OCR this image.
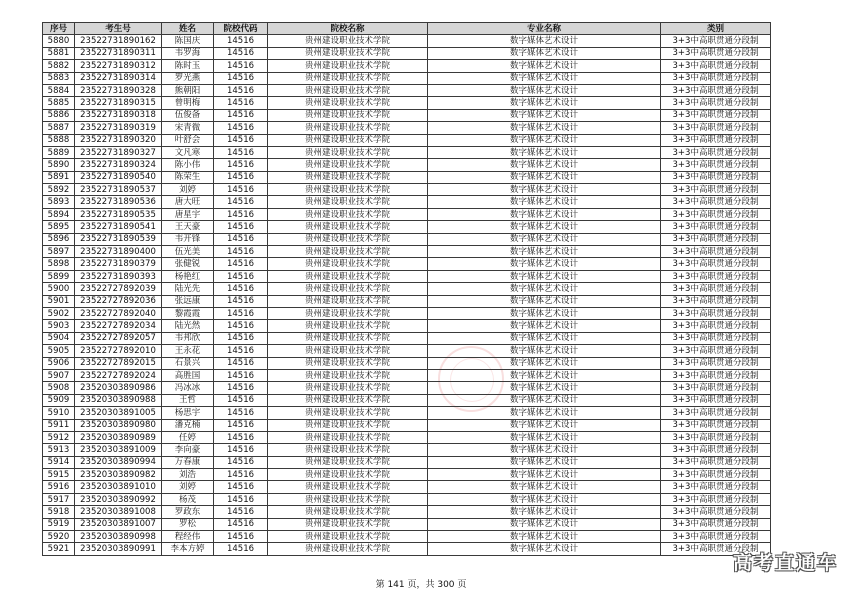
序号	考生号	姓名	院校代码	院校名称	专业名称	类别
5880	23522731890162	陈国庆	14516	贵州建设职业技术学院	数字媒体艺术设计	3+3中高职贯通分段制
5881	23522731890311	韦罗海	14516	贵州建设职业技术学院	数字媒体艺术设计	3+3中高职贯通分段制
5882	23522731890312	陈时玉	14516	贵州建设职业技术学院	数字媒体艺术设计	3+3中高职贯通分段制
5883	23522731890314	罗光燕	14516	贵州建设职业技术学院	数字媒体艺术设计	3+3中高职贯通分段制
5884	23522731890328	熊朝阳	14516	贵州建设职业技术学院	数字媒体艺术设计	3+3中高职贯通分段制
5885	23522731890315	曾明梅	14516	贵州建设职业技术学院	数字媒体艺术设计	3+3中高职贯通分段制
5886	23522731890318	伍俊备	14516	贵州建设职业技术学院	数字媒体艺术设计	3+3中高职贯通分段制
5887	23522731890319	宋青微	14516	贵州建设职业技术学院	数字媒体艺术设计	3+3中高职贯通分段制
5888	23522731890320	叶舒会	14516	贵州建设职业技术学院	数字媒体艺术设计	3+3中高职贯通分段制
5889	23522731890327	文凡寒	14516	贵州建设职业技术学院	数字媒体艺术设计	3+3中高职贯通分段制
5890	23522731890324	陈小伟	14516	贵州建设职业技术学院	数字媒体艺术设计	3+3中高职贯通分段制
5891	23522731890540	陈荣生	14516	贵州建设职业技术学院	数字媒体艺术设计	3+3中高职贯通分段制
5892	23522731890537	刘婷	14516	贵州建设职业技术学院	数字媒体艺术设计	3+3中高职贯通分段制
5893	23522731890536	唐大旺	14516	贵州建设职业技术学院	数字媒体艺术设计	3+3中高职贯通分段制
5894	23522731890535	唐星宇	14516	贵州建设职业技术学院	数字媒体艺术设计	3+3中高职贯通分段制
5895	23522731890541	王天豪	14516	贵州建设职业技术学院	数字媒体艺术设计	3+3中高职贯通分段制
5896	23522731890539	韦开锋	14516	贵州建设职业技术学院	数字媒体艺术设计	3+3中高职贯通分段制
5897	23522731890400	伍光美	14516	贵州建设职业技术学院	数字媒体艺术设计	3+3中高职贯通分段制
5898	23522731890379	张健锐	14516	贵州建设职业技术学院	数字媒体艺术设计	3+3中高职贯通分段制
5899	23522731890393	杨艳红	14516	贵州建设职业技术学院	数字媒体艺术设计	3+3中高职贯通分段制
5900	23522727892039	陆光先	14516	贵州建设职业技术学院	数字媒体艺术设计	3+3中高职贯通分段制
5901	23522727892036	张远康	14516	贵州建设职业技术学院	数字媒体艺术设计	3+3中高职贯通分段制
5902	23522727892040	黎霞霞	14516	贵州建设职业技术学院	数字媒体艺术设计	3+3中高职贯通分段制
5903	23522727892034	陆光然	14516	贵州建设职业技术学院	数字媒体艺术设计	3+3中高职贯通分段制
5904	23522727892057	韦邦欣	14516	贵州建设职业技术学院	数字媒体艺术设计	3+3中高职贯通分段制
5905	23522727892010	王永花	14516	贵州建设职业技术学院	数字媒体艺术设计	3+3中高职贯通分段制
5906	23522727892015	石景兴	14516	贵州建设职业技术学院	数字媒体艺术设计	3+3中高职贯通分段制
5907	23522727892024	高胜国	14516	贵州建设职业技术学院	数字媒体艺术设计	3+3中高职贯通分段制
5908	23520303890986	冯冰冰	14516	贵州建设职业技术学院	数字媒体艺术设计	3+3中高职贯通分段制
5909	23520303890988	王哲	14516	贵州建设职业技术学院	数字媒体艺术设计	3+3中高职贯通分段制
5910	23520303891005	杨思宇	14516	贵州建设职业技术学院	数字媒体艺术设计	3+3中高职贯通分段制
5911	23520303890980	潘克楠	14516	贵州建设职业技术学院	数字媒体艺术设计	3+3中高职贯通分段制
5912	23520303890989	任婷	14516	贵州建设职业技术学院	数字媒体艺术设计	3+3中高职贯通分段制
5913	23520303891009	李向豪	14516	贵州建设职业技术学院	数字媒体艺术设计	3+3中高职贯通分段制
5914	23520303890994	万春康	14516	贵州建设职业技术学院	数字媒体艺术设计	3+3中高职贯通分段制
5915	23520303890982	刘浩	14516	贵州建设职业技术学院	数字媒体艺术设计	3+3中高职贯通分段制
5916	23520303891010	刘婷	14516	贵州建设职业技术学院	数字媒体艺术设计	3+3中高职贯通分段制
5917	23520303890992	杨茂	14516	贵州建设职业技术学院	数字媒体艺术设计	3+3中高职贯通分段制
5918	23520303891008	罗政东	14516	贵州建设职业技术学院	数字媒体艺术设计	3+3中高职贯通分段制
5919	23520303891007	罗松	14516	贵州建设职业技术学院	数字媒体艺术设计	3+3中高职贯通分段制
5920	23520303890998	程经伟	14516	贵州建设职业技术学院	数字媒体艺术设计	3+3中高职贯通分段制
5921	23520303890991	李本方婷	14516	贵州建设职业技术学院	数字媒体艺术设计	3+3中高职贯通分段制
第 141 页，共 300 页
高考直通车
